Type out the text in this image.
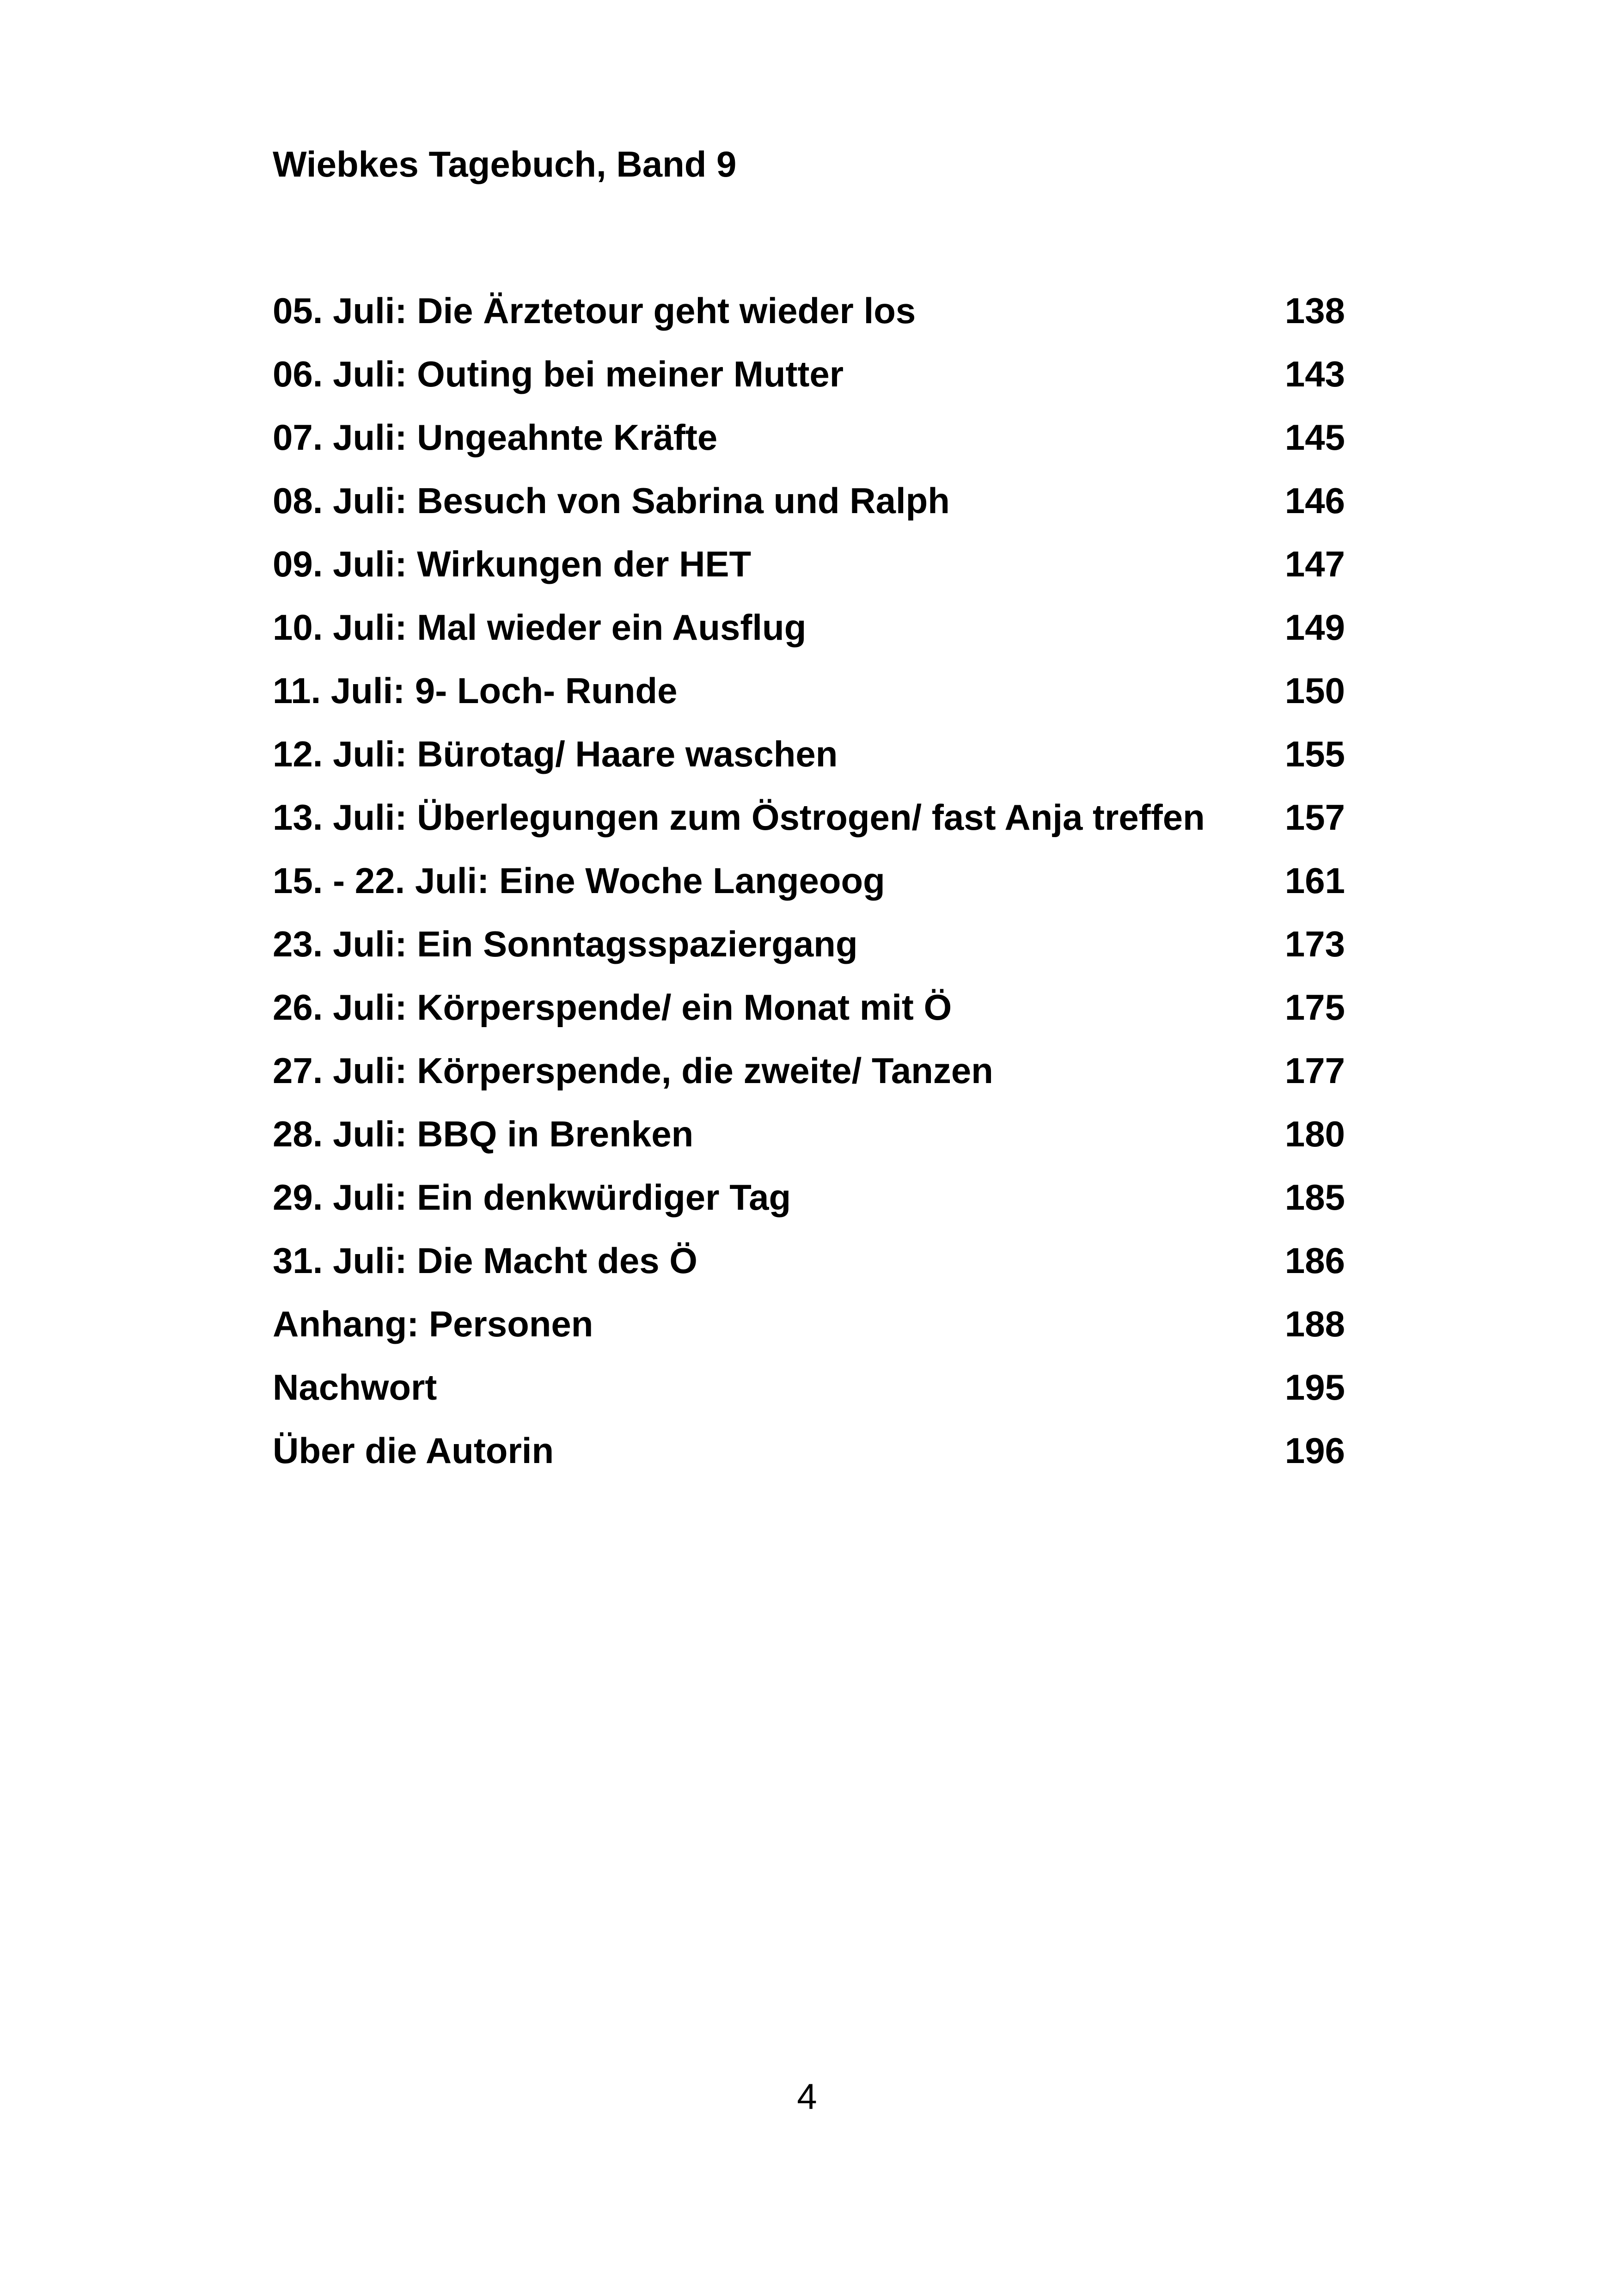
Wiebkes Tagebuch, Band 9
05. Juli: Die Ärztetour geht wieder los	138
06. Juli: Outing bei meiner Mutter	143
07. Juli: Ungeahnte Kräfte	145
08. Juli: Besuch von Sabrina und Ralph	146
09. Juli: Wirkungen der HET	147
10. Juli: Mal wieder ein Ausflug	149
11. Juli: 9- Loch- Runde	150
12. Juli: Bürotag/ Haare waschen	155
13. Juli: Überlegungen zum Östrogen/ fast Anja treffen 157
15. - 22. Juli: Eine Woche Langeoog	161
23. Juli: Ein Sonntagsspaziergang	173
26. Juli: Körperspende/ ein Monat mit Ö	175
27. Juli: Körperspende, die zweite/ Tanzen	177
28. Juli: BBQ in Brenken	180
29. Juli: Ein denkwürdiger Tag	185
31. Juli: Die Macht des Ö	186
Anhang: Personen	188
Nachwort	195
Über die Autorin	196
4
